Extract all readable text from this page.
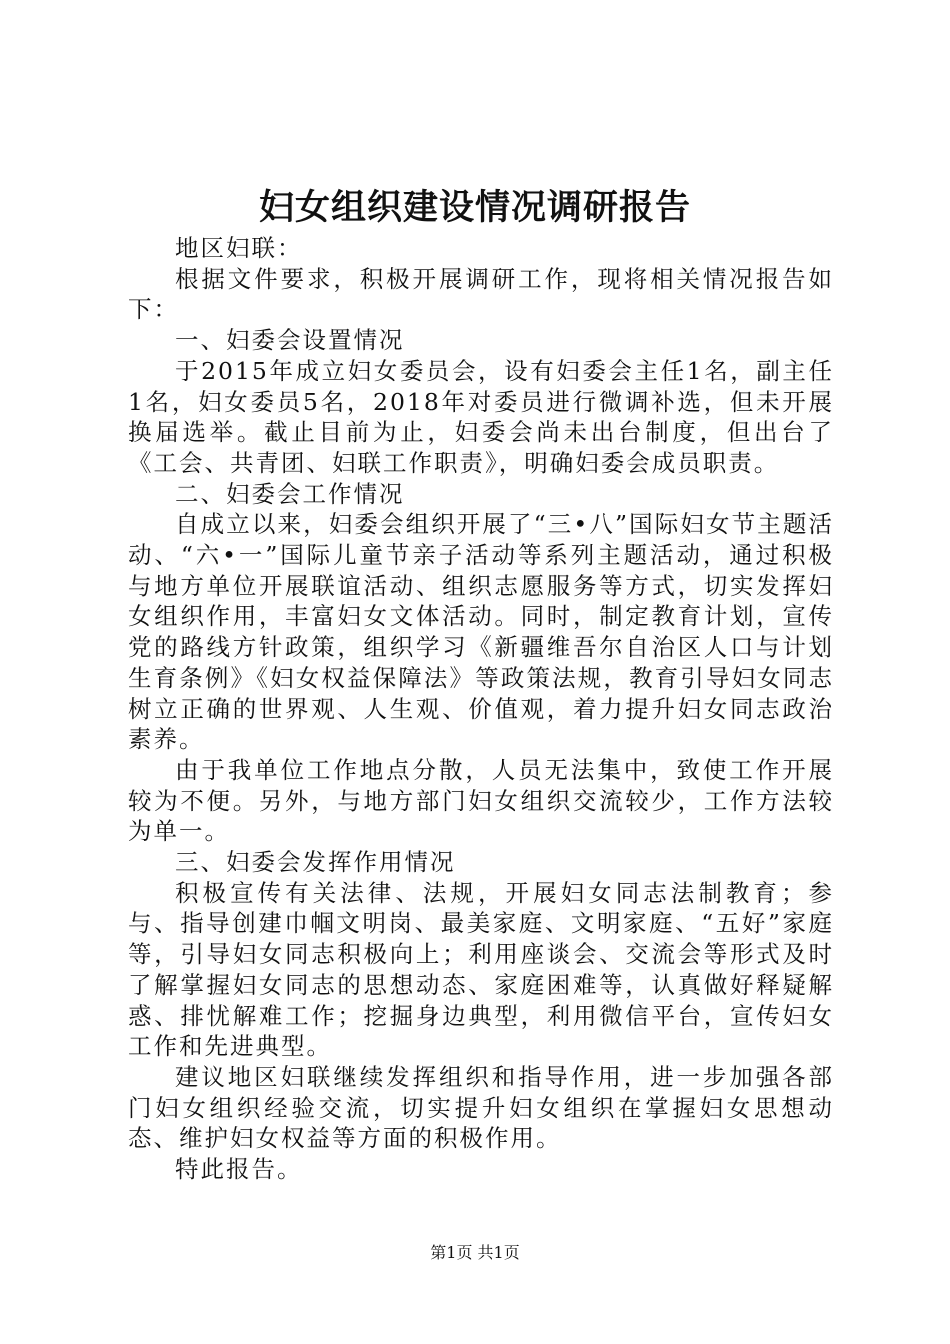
妇女组织建设情况调研报告

地区妇联：

根据文件要求，积极开展调研工作，现将相关情况报告如下：

一、妇委会设置情况

于2015年成立妇女委员会，设有妇委会主任1名，副主任1名，妇女委员5名，2018年对委员进行微调补选，但未开展换届选举。截止目前为止，妇委会尚未出台制度，但出台了《工会、共青团、妇联工作职责》，明确妇委会成员职责。

二、妇委会工作情况

自成立以来，妇委会组织开展了“三•八”国际妇女节主题活动、“六•一”国际儿童节亲子活动等系列主题活动，通过积极与地方单位开展联谊活动、组织志愿服务等方式，切实发挥妇女组织作用，丰富妇女文体活动。同时，制定教育计划，宣传党的路线方针政策，组织学习《新疆维吾尔自治区人口与计划生育条例》《妇女权益保障法》等政策法规，教育引导妇女同志树立正确的世界观、人生观、价值观，着力提升妇女同志政治素养。

由于我单位工作地点分散，人员无法集中，致使工作开展较为不便。另外，与地方部门妇女组织交流较少，工作方法较为单一。

三、妇委会发挥作用情况

积极宣传有关法律、法规，开展妇女同志法制教育；参与、指导创建巾帼文明岗、最美家庭、文明家庭、“五好”家庭等，引导妇女同志积极向上；利用座谈会、交流会等形式及时了解掌握妇女同志的思想动态、家庭困难等，认真做好释疑解惑、排忧解难工作；挖掘身边典型，利用微信平台，宣传妇女工作和先进典型。

建议地区妇联继续发挥组织和指导作用，进一步加强各部门妇女组织经验交流，切实提升妇女组织在掌握妇女思想动态、维护妇女权益等方面的积极作用。

特此报告。

第1页 共1页
